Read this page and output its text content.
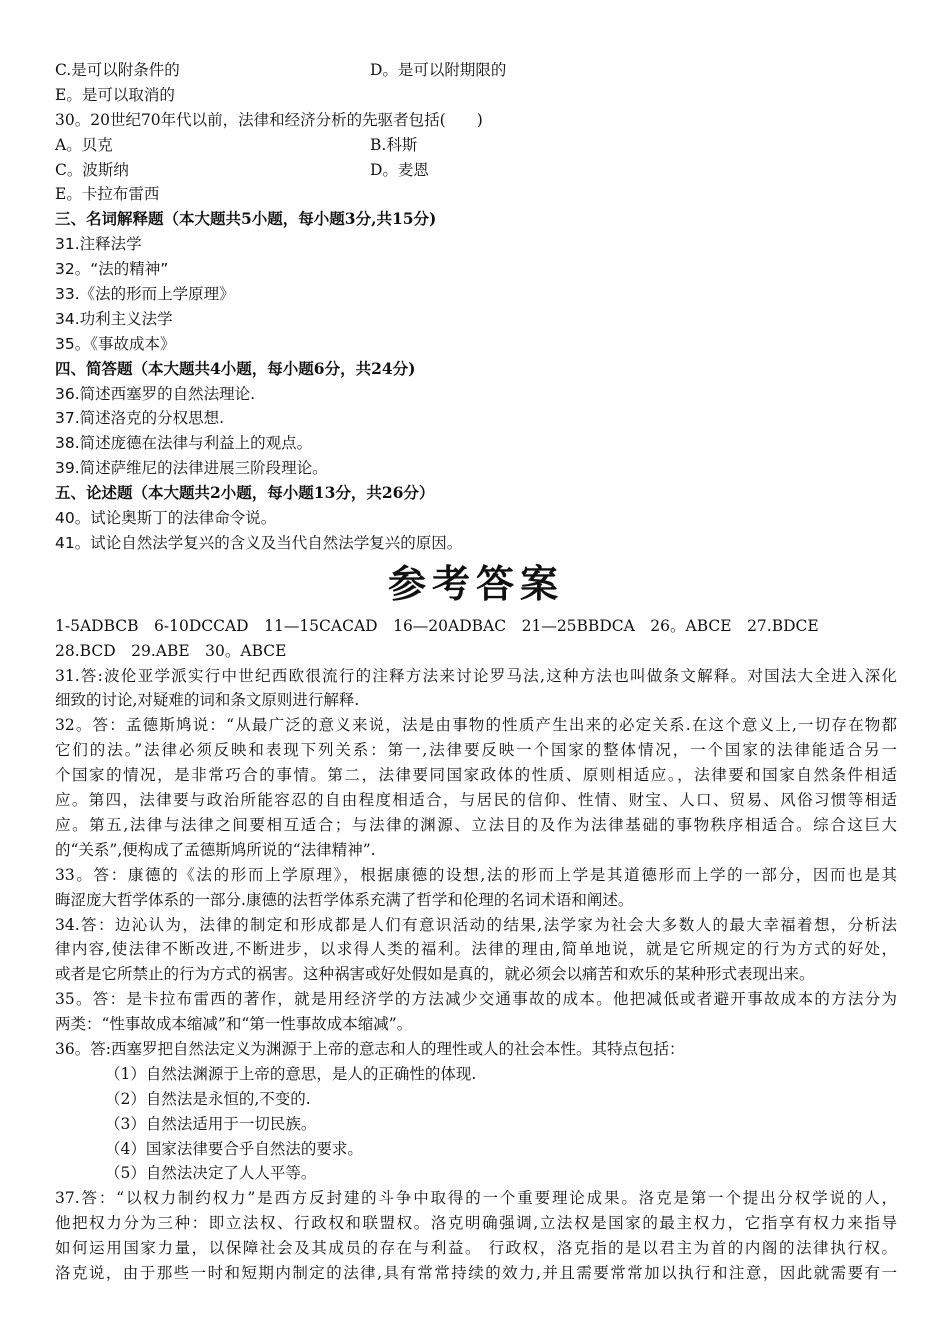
C.是可以附条件的	D。是可以附期限的
E。是可以取消的
30。20世纪70年代以前，法律和经济分析的先驱者包括(　　)
A。贝克	B.科斯
C。波斯纳	D。麦恩
E。卡拉布雷西
三、名词解释题（本大题共5小题，每小题3分,共15分)
31.注释法学
32。“法的精神”
33.《法的形而上学原理》
34.功利主义法学
35。《事故成本》
四、简答题（本大题共4小题，每小题6分，共24分)
36.简述西塞罗的自然法理论.
37.简述洛克的分权思想.
38.简述庞德在法律与利益上的观点。
39.简述萨维尼的法律进展三阶段理论。
五、论述题（本大题共2小题，每小题13分，共26分）
40。试论奥斯丁的法律命令说。
41。试论自然法学复兴的含义及当代自然法学复兴的原因。
参考答案
1-5ADBCB　6-10DCCAD　11—15CACAD　16—20ADBAC　21—25BBDCA　26。ABCE　27.BDCE
28.BCD　29.ABE　30。ABCE
31.答:波伦亚学派实行中世纪西欧很流行的注释方法来讨论罗马法,这种方法也叫做条文解释。对国法大全进入深化
细致的讨论,对疑难的词和条文原则进行解释.
32。答：孟德斯鸠说：“从最广泛的意义来说，法是由事物的性质产生出来的必定关系.在这个意义上,一切存在物都
它们的法。”法律必须反映和表现下列关系：第一,法律要反映一个国家的整体情况，一个国家的法律能适合另一
个国家的情况，是非常巧合的事情。第二，法律要同国家政体的性质、原则相适应。，法律要和国家自然条件相适
应。第四，法律要与政治所能容忍的自由程度相适合，与居民的信仰、性情、财宝、人口、贸易、风俗习惯等相适
应。第五,法律与法律之间要相互适合；与法律的渊源、立法目的及作为法律基础的事物秩序相适合。综合这巨大
的“关系”,便构成了孟德斯鸠所说的“法律精神”.
33。答：康德的《法的形而上学原理》，根据康德的设想,法的形而上学是其道德形而上学的一部分，因而也是其
晦涩庞大哲学体系的一部分.康德的法哲学体系充满了哲学和伦理的名词术语和阐述。
34.答：边沁认为，法律的制定和形成都是人们有意识活动的结果,法学家为社会大多数人的最大幸福着想，分析法
律内容,使法律不断改进,不断进步，以求得人类的福利。法律的理由,简单地说，就是它所规定的行为方式的好处，
或者是它所禁止的行为方式的祸害。这种祸害或好处假如是真的，就必须会以痛苦和欢乐的某种形式表现出来。
35。答：是卡拉布雷西的著作，就是用经济学的方法减少交通事故的成本。他把减低或者避开事故成本的方法分为
两类：“性事故成本缩减”和“第一性事故成本缩减”。
36。答:西塞罗把自然法定义为渊源于上帝的意志和人的理性或人的社会本性。其特点包括：
（1）自然法渊源于上帝的意思，是人的正确性的体现.
（2）自然法是永恒的,不变的.
（3）自然法适用于一切民族。
（4）国家法律要合乎自然法的要求。
（5）自然法决定了人人平等。
37.答：“以权力制约权力”是西方反封建的斗争中取得的一个重要理论成果。洛克是第一个提出分权学说的人，
他把权力分为三种：即立法权、行政权和联盟权。洛克明确强调,立法权是国家的最主权力，它指享有权力来指导
如何运用国家力量，以保障社会及其成员的存在与利益。 行政权，洛克指的是以君主为首的内阁的法律执行权。
洛克说，由于那些一时和短期内制定的法律,具有常常持续的效力,并且需要常常加以执行和注意，因此就需要有一
